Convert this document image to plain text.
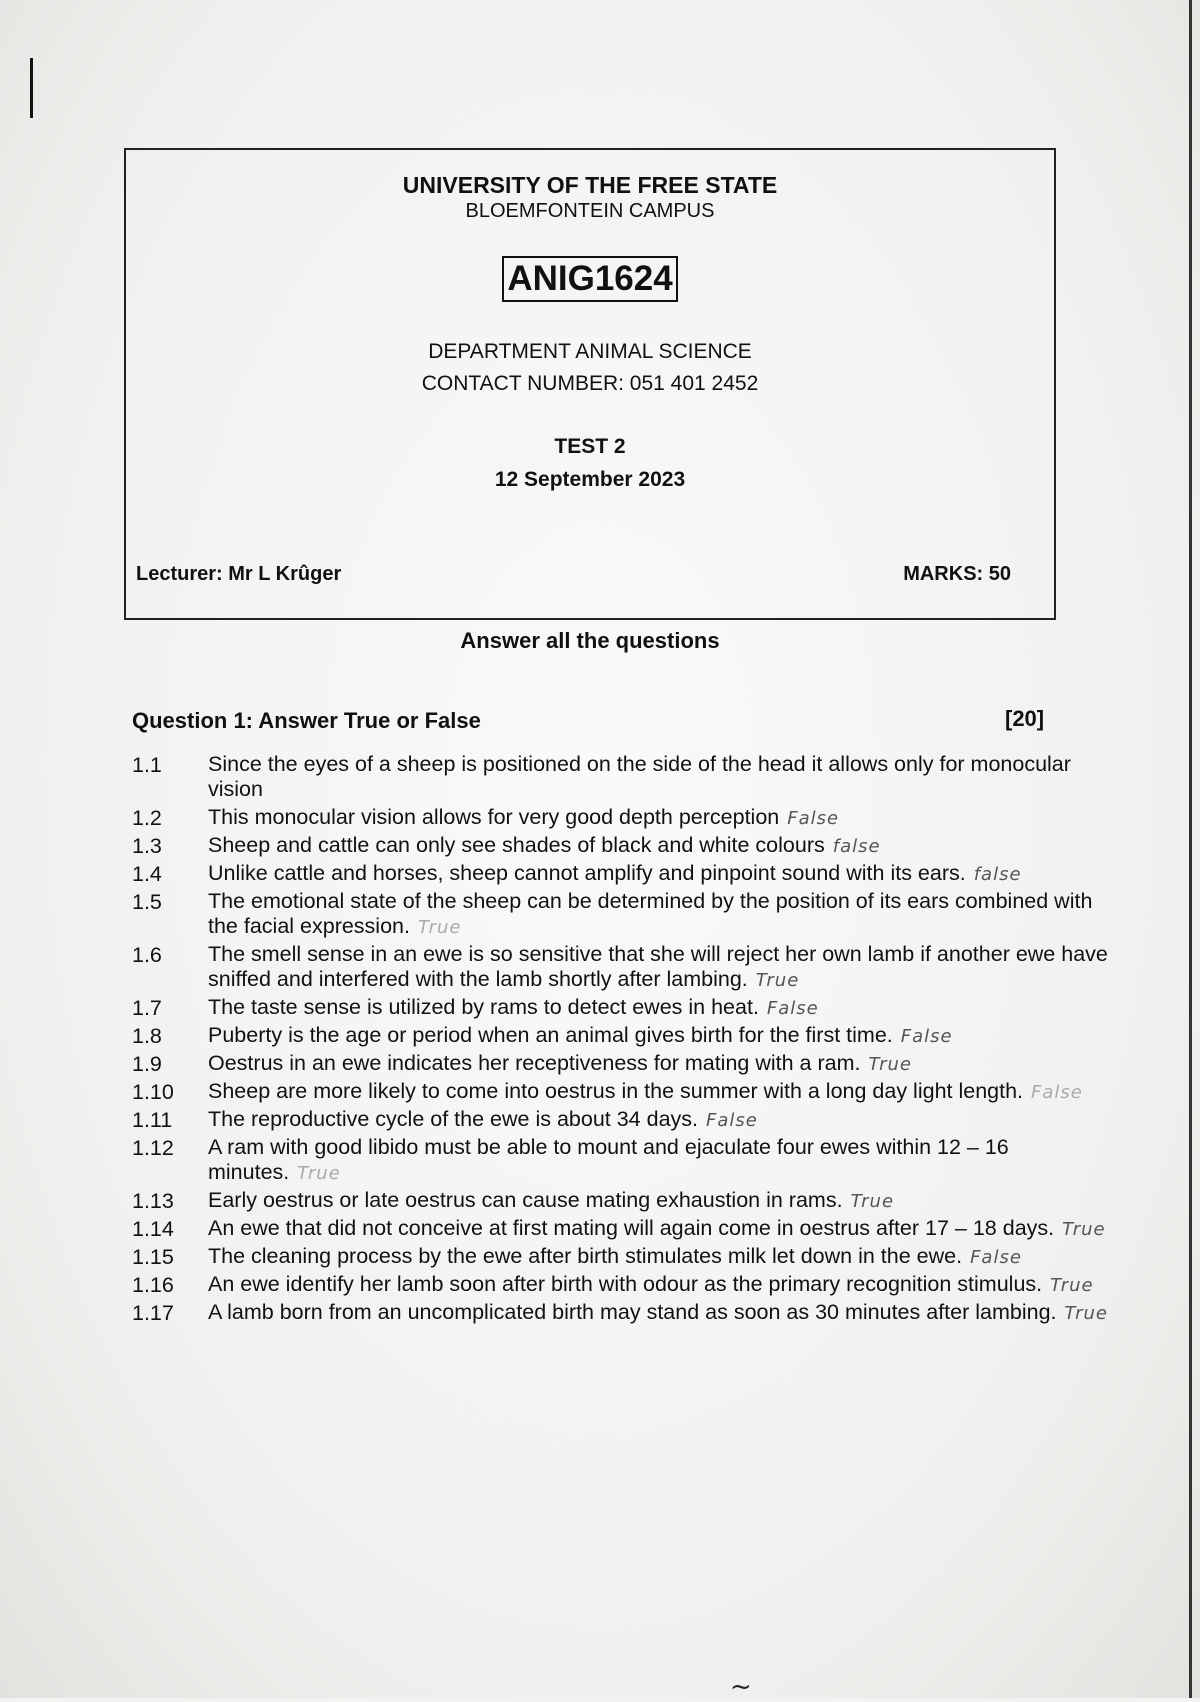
UNIVERSITY OF THE FREE STATE
BLOEMFONTEIN CAMPUS
ANIG1624
DEPARTMENT ANIMAL SCIENCE
CONTACT NUMBER: 051 401 2452
TEST 2
12 September 2023
Lecturer: Mr L Krûger	MARKS: 50
Answer all the questions
Question 1: Answer True or False	[20]
1.1	Since the eyes of a sheep is positioned on the side of the head it allows only for monocular vision
1.2	This monocular vision allows for very good depth perception False
1.3	Sheep and cattle can only see shades of black and white colours false
1.4	Unlike cattle and horses, sheep cannot amplify and pinpoint sound with its ears. false
1.5	The emotional state of the sheep can be determined by the position of its ears combined with the facial expression. True
1.6	The smell sense in an ewe is so sensitive that she will reject her own lamb if another ewe have sniffed and interfered with the lamb shortly after lambing. True
1.7	The taste sense is utilized by rams to detect ewes in heat. False
1.8	Puberty is the age or period when an animal gives birth for the first time. False
1.9	Oestrus in an ewe indicates her receptiveness for mating with a ram. True
1.10	Sheep are more likely to come into oestrus in the summer with a long day light length. False
1.11	The reproductive cycle of the ewe is about 34 days. False
1.12	A ram with good libido must be able to mount and ejaculate four ewes within 12 – 16 minutes. True
1.13	Early oestrus or late oestrus can cause mating exhaustion in rams. True
1.14	An ewe that did not conceive at first mating will again come in oestrus after 17 – 18 days. True
1.15	The cleaning process by the ewe after birth stimulates milk let down in the ewe. False
1.16	An ewe identify her lamb soon after birth with odour as the primary recognition stimulus. True
1.17	A lamb born from an uncomplicated birth may stand as soon as 30 minutes after lambing. True
~
